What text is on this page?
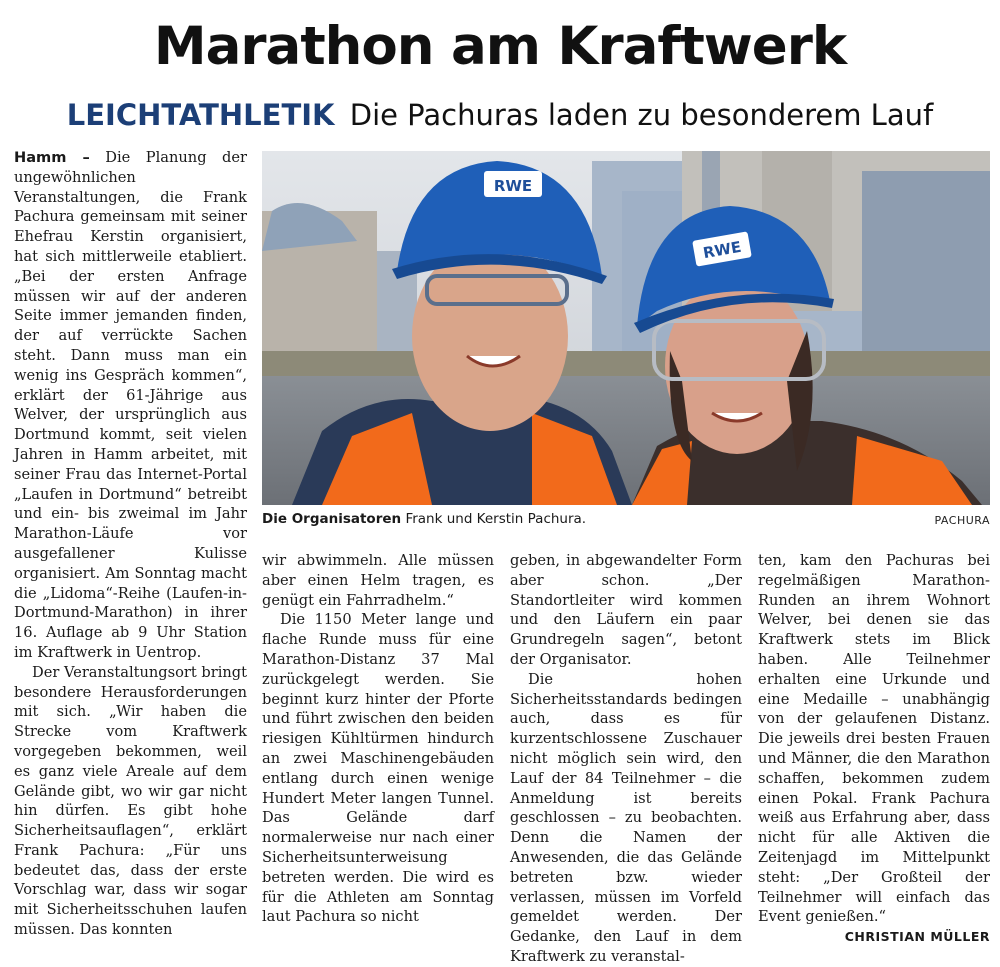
Marathon am Kraftwerk
LEICHTATHLETIK Die Pachuras laden zu besonderem Lauf

Hamm – Die Planung der ungewöhnlichen Veranstaltungen, die Frank Pachura gemeinsam mit seiner Ehefrau Kerstin organisiert, hat sich mittlerweile etabliert. „Bei der ersten Anfrage müssen wir auf der anderen Seite immer jemanden finden, der auf verrückte Sachen steht. Dann muss man ein wenig ins Gespräch kommen“, erklärt der 61-Jährige aus Welver, der ursprünglich aus Dortmund kommt, seit vielen Jahren in Hamm arbeitet, mit seiner Frau das Internet-Portal „Laufen in Dortmund“ betreibt und ein- bis zweimal im Jahr Marathon-Läufe vor ausgefallener Kulisse organisiert. Am Sonntag macht die „Lidoma“-Reihe (Laufen-in-Dortmund-Marathon) in ihrer 16. Auflage ab 9 Uhr Station im Kraftwerk in Uentrop.

Der Veranstaltungsort bringt besondere Herausforderungen mit sich. „Wir haben die Strecke vom Kraftwerk vorgegeben bekommen, weil es ganz viele Areale auf dem Gelände gibt, wo wir gar nicht hin dürfen. Es gibt hohe Sicherheitsauflagen“, erklärt Frank Pachura: „Für uns bedeutet das, dass der erste Vorschlag war, dass wir sogar mit Sicherheitsschuhen laufen müssen. Das konnten

RWE
RWE
Die Organisatoren Frank und Kerstin Pachura.	PACHURA

wir abwimmeln. Alle müssen aber einen Helm tragen, es genügt ein Fahrradhelm.“

Die 1150 Meter lange und flache Runde muss für eine Marathon-Distanz 37 Mal zurückgelegt werden. Sie beginnt kurz hinter der Pforte und führt zwischen den beiden riesigen Kühltürmen hindurch an zwei Maschinengebäuden entlang durch einen wenige Hundert Meter langen Tunnel. Das Gelände darf normalerweise nur nach einer Sicherheitsunterweisung betreten werden. Die wird es für die Athleten am Sonntag laut Pachura so nicht

geben, in abgewandelter Form aber schon. „Der Standortleiter wird kommen und den Läufern ein paar Grundregeln sagen“, betont der Organisator.

Die hohen Sicherheitsstandards bedingen auch, dass es für kurzentschlossene Zuschauer nicht möglich sein wird, den Lauf der 84 Teilnehmer – die Anmeldung ist bereits geschlossen – zu beobachten. Denn die Namen der Anwesenden, die das Gelände betreten bzw. wieder verlassen, müssen im Vorfeld gemeldet werden. Der Gedanke, den Lauf in dem Kraftwerk zu veranstal-

ten, kam den Pachuras bei regelmäßigen Marathon-Runden an ihrem Wohnort Welver, bei denen sie das Kraftwerk stets im Blick haben. Alle Teilnehmer erhalten eine Urkunde und eine Medaille – unabhängig von der gelaufenen Distanz. Die jeweils drei besten Frauen und Männer, die den Marathon schaffen, bekommen zudem einen Pokal. Frank Pachura weiß aus Erfahrung aber, dass nicht für alle Aktiven die Zeitenjagd im Mittelpunkt steht: „Der Großteil der Teilnehmer will einfach das Event genießen.“
CHRISTIAN MÜLLER
